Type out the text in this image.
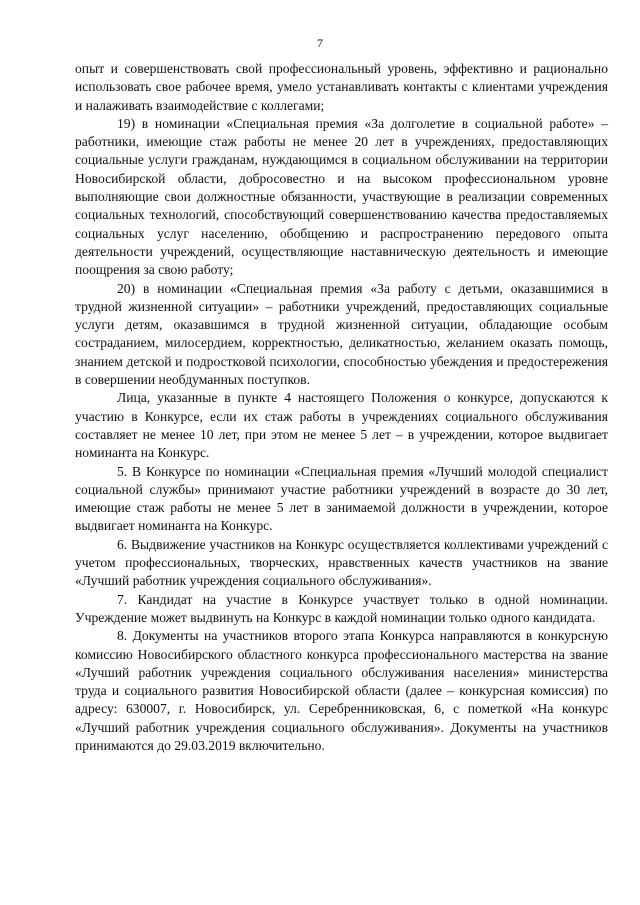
7

опыт и совершенствовать свой профессиональный уровень, эффективно и рационально использовать свое рабочее время, умело устанавливать контакты с клиентами учреждения и налаживать взаимодействие с коллегами;

19) в номинации «Специальная премия «За долголетие в социальной работе» – работники, имеющие стаж работы не менее 20 лет в учреждениях, предоставляющих социальные услуги гражданам, нуждающимся в социальном обслуживании на территории Новосибирской области, добросовестно и на высоком профессиональном уровне выполняющие свои должностные обязанности, участвующие в реализации современных социальных технологий, способствующий совершенствованию качества предоставляемых социальных услуг населению, обобщению и распространению передового опыта деятельности учреждений, осуществляющие наставническую деятельность и имеющие поощрения за свою работу;

20) в номинации «Специальная премия «За работу с детьми, оказавшимися в трудной жизненной ситуации» – работники учреждений, предоставляющих социальные услуги детям, оказавшимся в трудной жизненной ситуации, обладающие особым состраданием, милосердием, корректностью, деликатностью, желанием оказать помощь, знанием детской и подростковой психологии, способностью убеждения и предостережения в совершении необдуманных поступков.

Лица, указанные в пункте 4 настоящего Положения о конкурсе, допускаются к участию в Конкурсе, если их стаж работы в учреждениях социального обслуживания составляет не менее 10 лет, при этом не менее 5 лет – в учреждении, которое выдвигает номинанта на Конкурс.

5. В Конкурсе по номинации «Специальная премия «Лучший молодой специалист социальной службы» принимают участие работники учреждений в возрасте до 30 лет, имеющие стаж работы не менее 5 лет в занимаемой должности в учреждении, которое выдвигает номинанта на Конкурс.

6. Выдвижение участников на Конкурс осуществляется коллективами учреждений с учетом профессиональных, творческих, нравственных качеств участников на звание «Лучший работник учреждения социального обслуживания».

7. Кандидат на участие в Конкурсе участвует только в одной номинации. Учреждение может выдвинуть на Конкурс в каждой номинации только одного кандидата.

8. Документы на участников второго этапа Конкурса направляются в конкурсную комиссию Новосибирского областного конкурса профессионального мастерства на звание «Лучший работник учреждения социального обслуживания населения» министерства труда и социального развития Новосибирской области (далее – конкурсная комиссия) по адресу: 630007, г. Новосибирск, ул. Серебренниковская, 6, с пометкой «На конкурс «Лучший работник учреждения социального обслуживания». Документы на участников принимаются до 29.03.2019 включительно.
